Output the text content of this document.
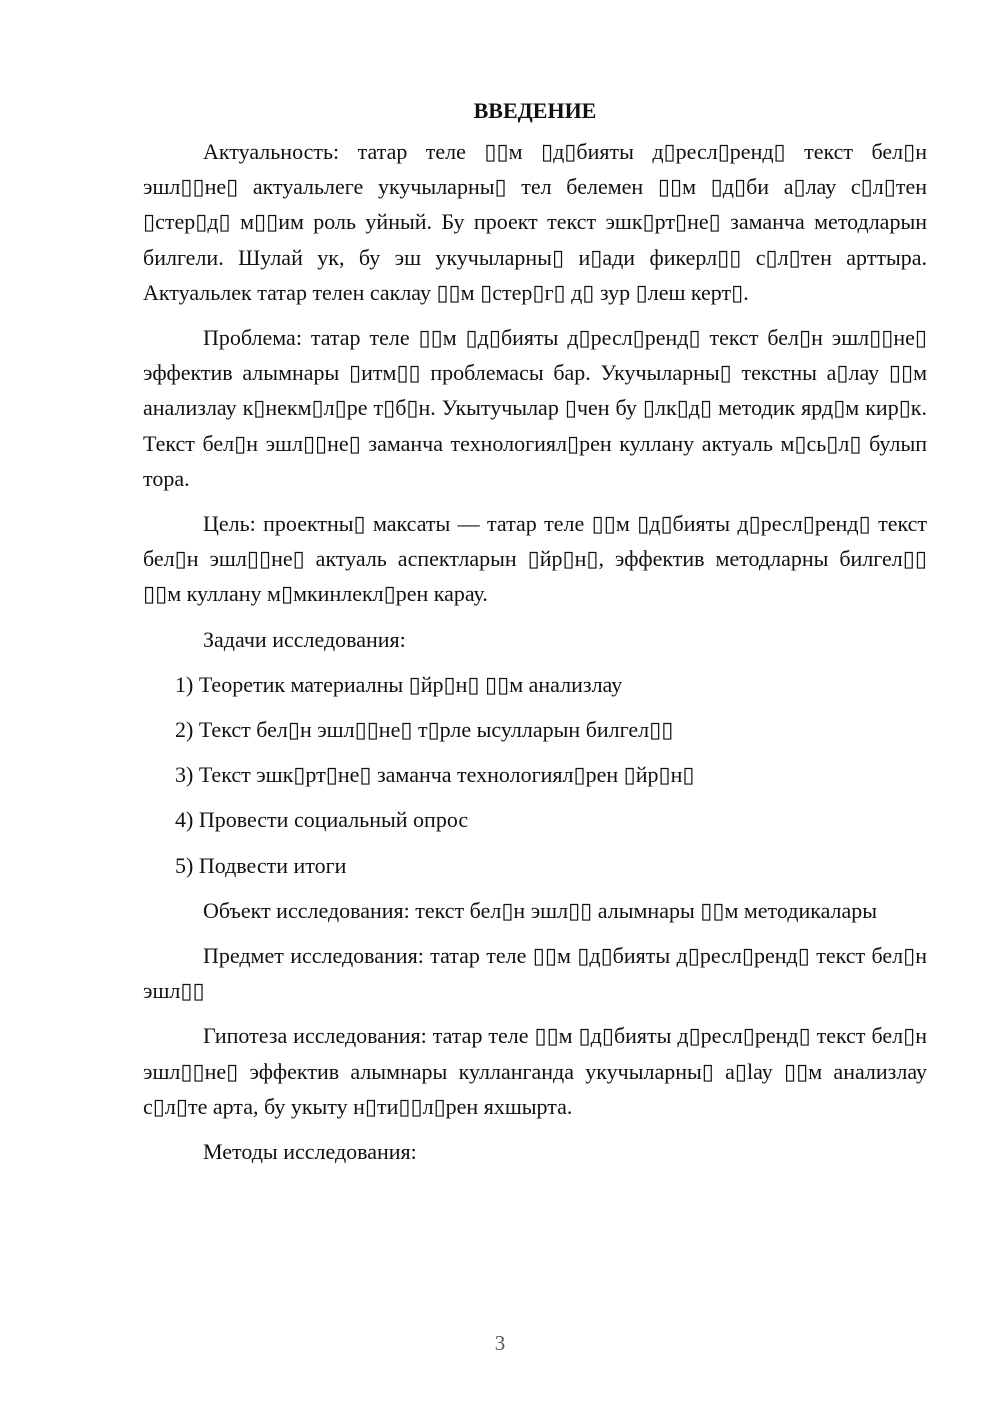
ВВЕДЕНИЕ

Актуальность: татар теле ▯▯м ▯д▯бияты д▯ресл▯ренд▯ текст бел▯н эшл▯▯не▯ актуальлеге укучыларны▯ тел белемен ▯▯м ▯д▯би а▯лау с▯л▯тен ▯стер▯д▯ м▯▯им роль уйный. Бу проект текст эшк▯рт▯не▯ заманча методларын билгели. Шулай ук, бу эш укучыларны▯ и▯ади фикерл▯▯ с▯л▯тен арттыра. Актуальлек татар телен саклау ▯▯м ▯стер▯г▯ д▯ зур ▯леш керт▯.

Проблема: татар теле ▯▯м ▯д▯бияты д▯ресл▯ренд▯ текст бел▯н эшл▯▯не▯ эффектив алымнары ▯итм▯▯ проблемасы бар. Укучыларны▯ текстны а▯лау ▯▯м анализлау к▯некм▯л▯ре т▯б▯н. Укытучылар ▯чен бу ▯лк▯д▯ методик ярд▯м кир▯к. Текст бел▯н эшл▯▯не▯ заманча технологиял▯рен куллану актуаль м▯сь▯л▯ булып тора.

Цель: проектны▯ максаты — татар теле ▯▯м ▯д▯бияты д▯ресл▯ренд▯ текст бел▯н эшл▯▯не▯ актуаль аспектларын ▯йр▯н▯, эффектив методларны билгел▯▯ ▯▯м куллану м▯мкинлекл▯рен карау.

Задачи исследования:

1) Теоретик материалны ▯йр▯н▯ ▯▯м анализлау
2) Текст бел▯н эшл▯▯не▯ т▯рле ысулларын билгел▯▯
3) Текст эшк▯рт▯не▯ заманча технологиял▯рен ▯йр▯н▯
4) Провести социальный опрос
5) Подвести итоги

Объект исследования: текст бел▯н эшл▯▯ алымнары ▯▯м методикалары

Предмет исследования: татар теле ▯▯м ▯д▯бияты д▯ресл▯ренд▯ текст бел▯н эшл▯▯

Гипотеза исследования: татар теле ▯▯м ▯д▯бияты д▯ресл▯ренд▯ текст бел▯н эшл▯▯не▯ эффектив алымнары кулланганда укучыларны▯ а▯lау ▯▯м анализлау с▯л▯те арта, бу укыту н▯ти▯▯л▯рен яхшырта.

Методы исследования:

3
